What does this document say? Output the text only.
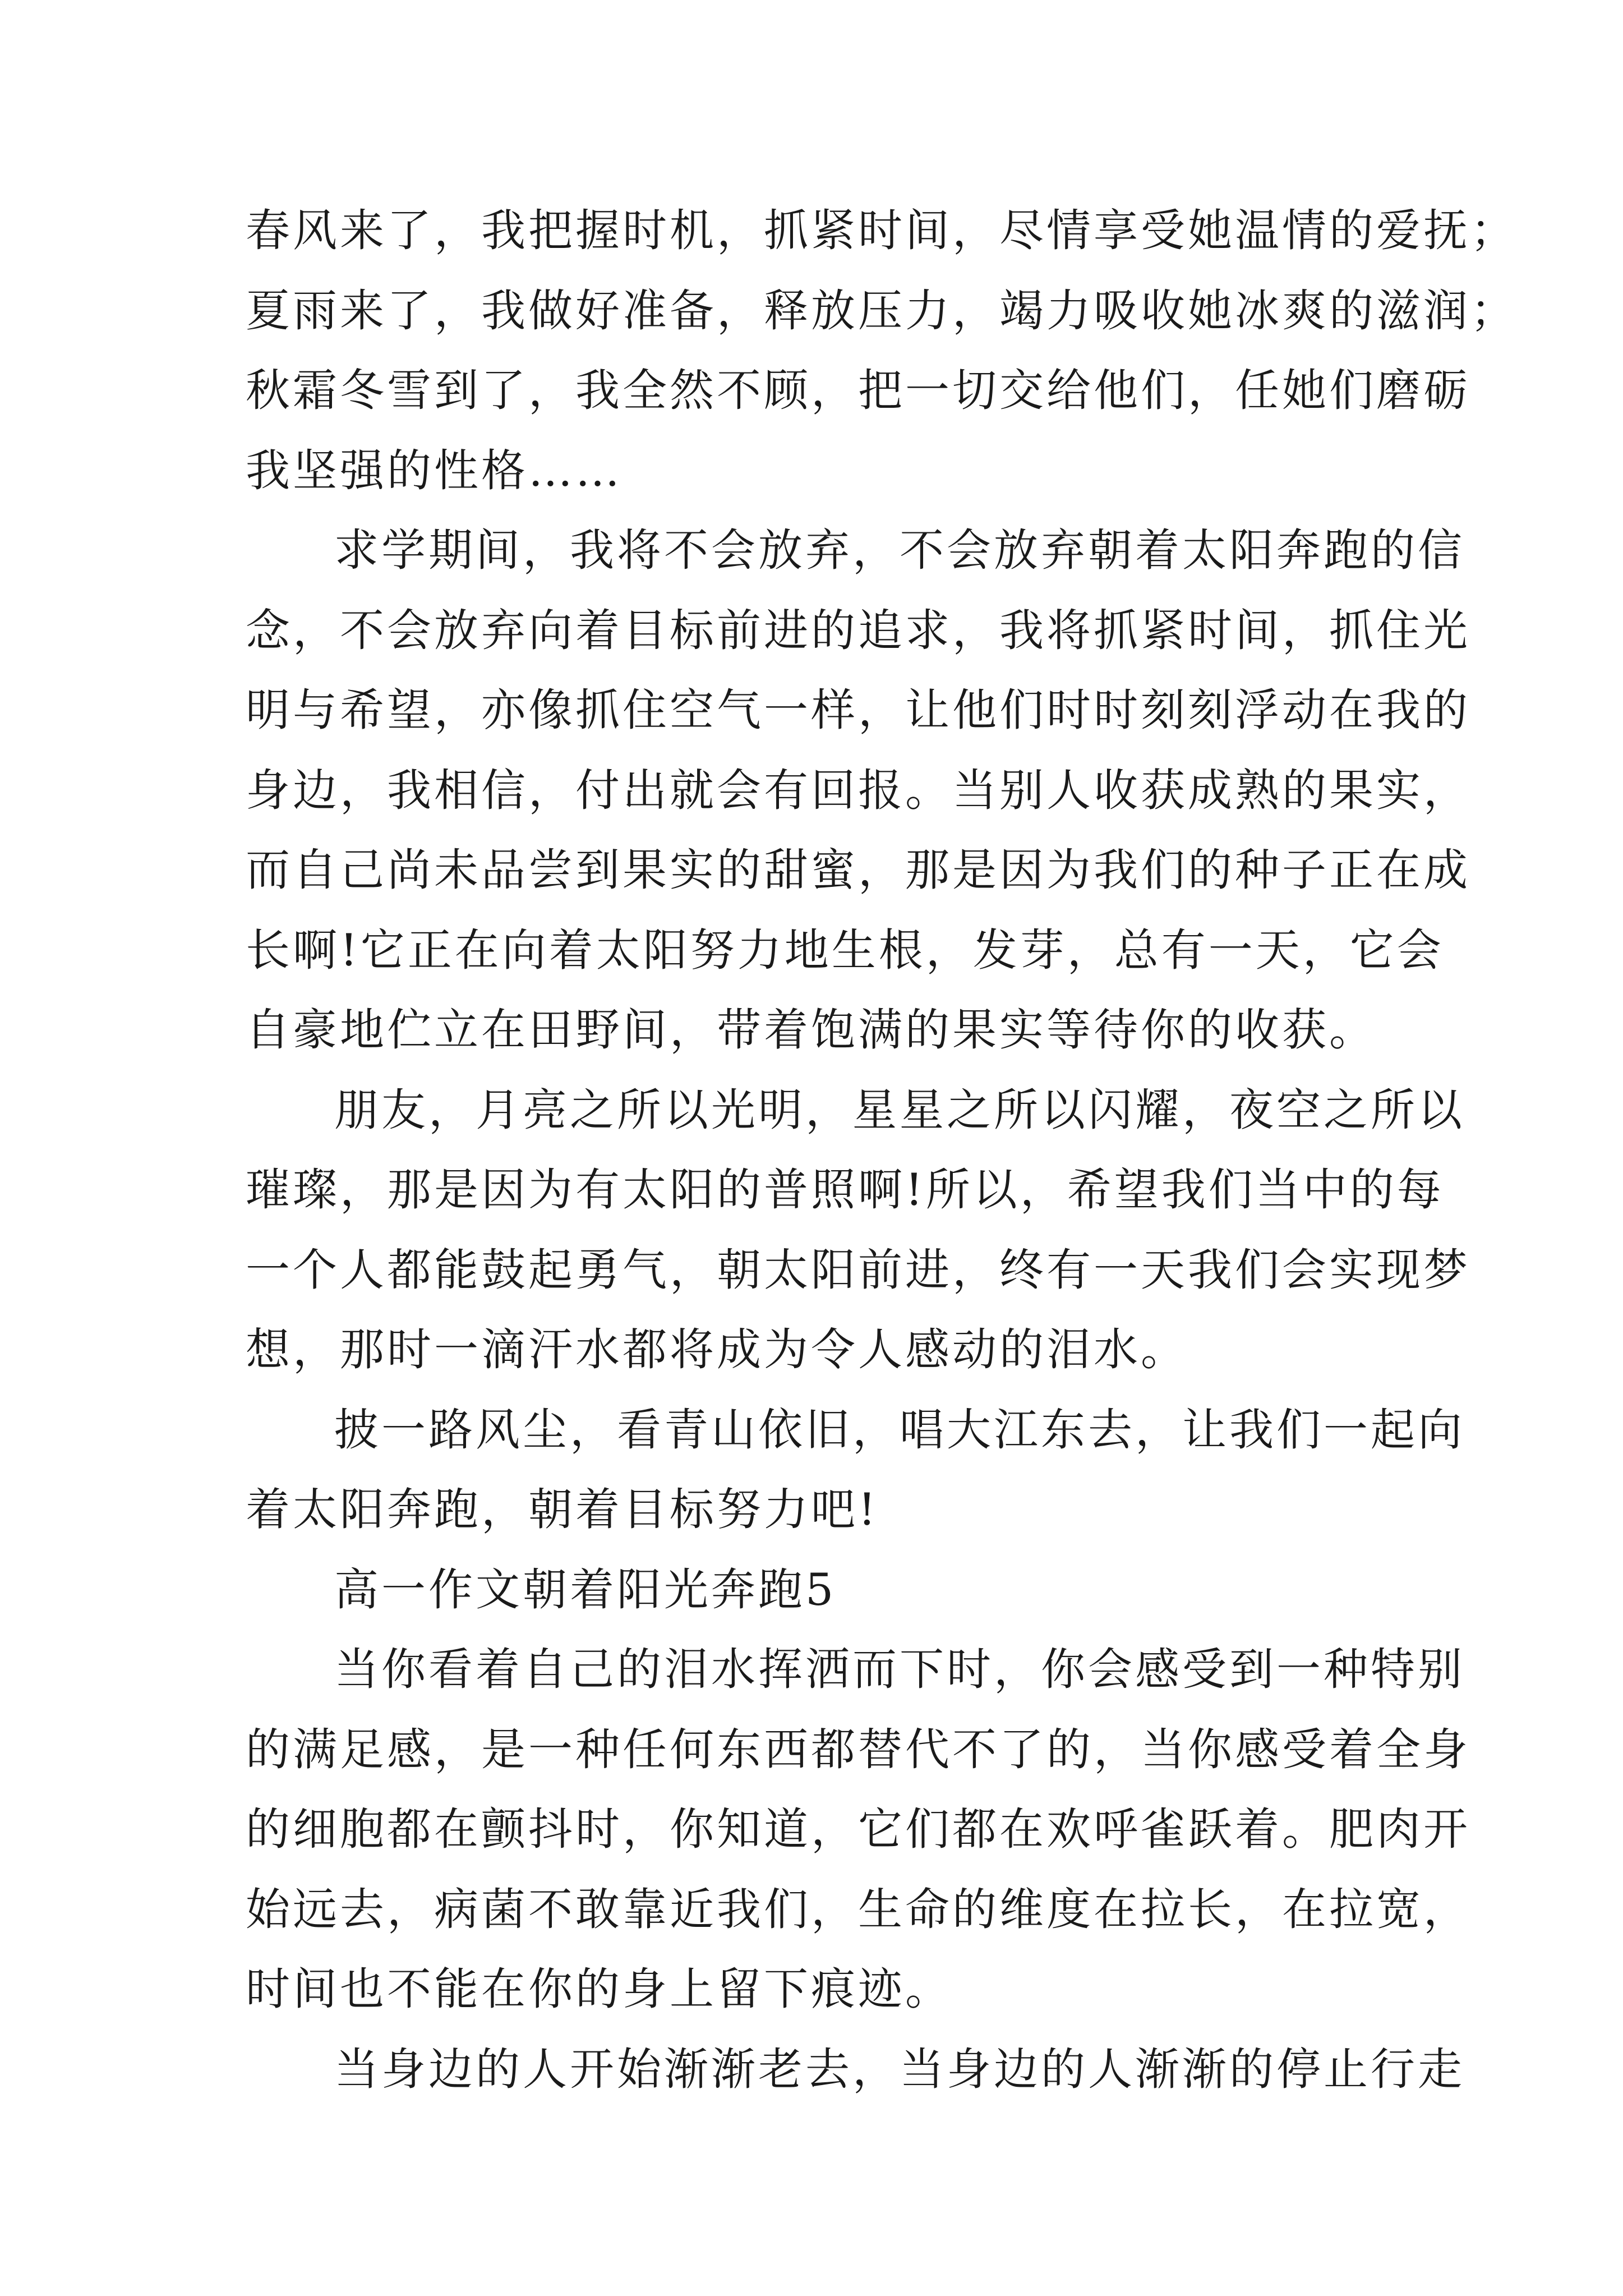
春风来了，我把握时机，抓紧时间，尽情享受她温情的爱抚；
夏雨来了，我做好准备，释放压力，竭力吸收她冰爽的滋润；
秋霜冬雪到了，我全然不顾，把一切交给他们，任她们磨砺
我坚强的性格……
求学期间，我将不会放弃，不会放弃朝着太阳奔跑的信
念，不会放弃向着目标前进的追求，我将抓紧时间，抓住光
明与希望，亦像抓住空气一样，让他们时时刻刻浮动在我的
身边，我相信，付出就会有回报。当别人收获成熟的果实，
而自己尚未品尝到果实的甜蜜，那是因为我们的种子正在成
长啊!它正在向着太阳努力地生根，发芽，总有一天，它会
自豪地伫立在田野间，带着饱满的果实等待你的收获。
朋友，月亮之所以光明，星星之所以闪耀，夜空之所以
璀璨，那是因为有太阳的普照啊!所以，希望我们当中的每
一个人都能鼓起勇气，朝太阳前进，终有一天我们会实现梦
想，那时一滴汗水都将成为令人感动的泪水。
披一路风尘，看青山依旧，唱大江东去，让我们一起向
着太阳奔跑，朝着目标努力吧!
高一作文朝着阳光奔跑5
当你看着自己的泪水挥洒而下时，你会感受到一种特别
的满足感，是一种任何东西都替代不了的，当你感受着全身
的细胞都在颤抖时，你知道，它们都在欢呼雀跃着。肥肉开
始远去，病菌不敢靠近我们，生命的维度在拉长，在拉宽，
时间也不能在你的身上留下痕迹。
当身边的人开始渐渐老去，当身边的人渐渐的停止行走
